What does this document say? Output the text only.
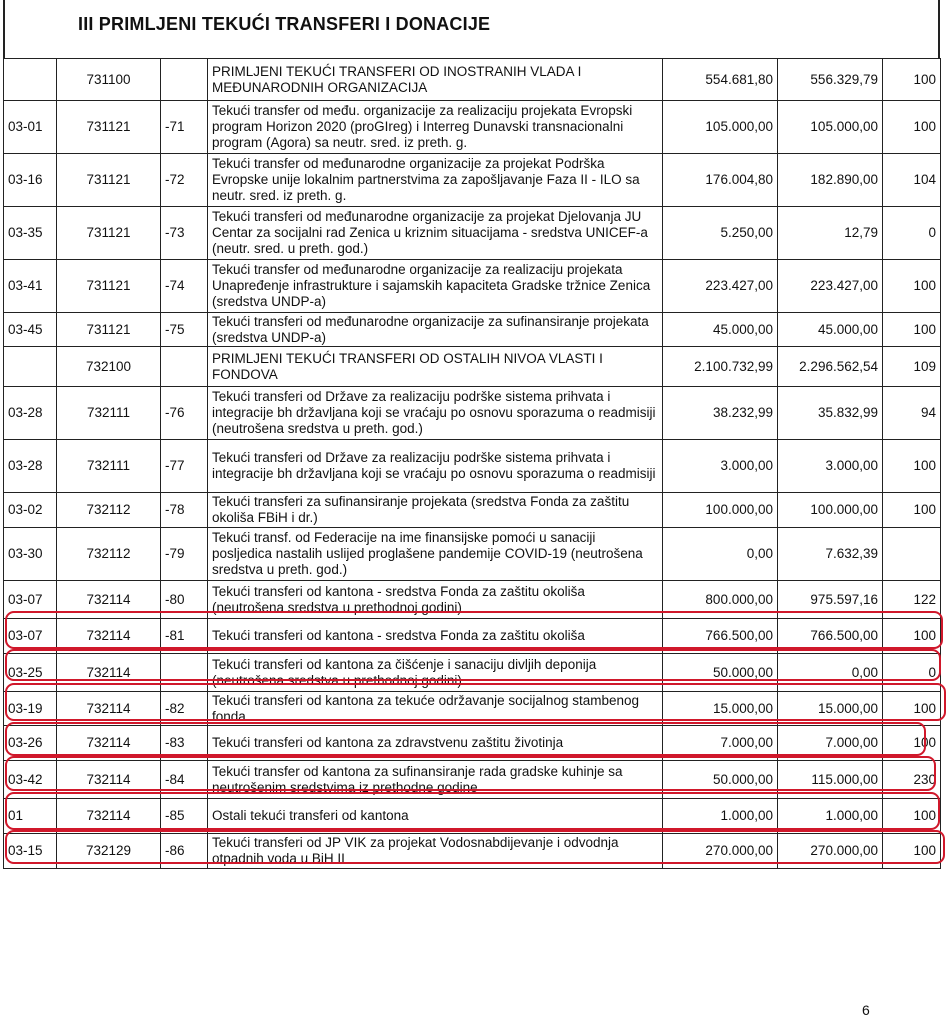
III PRIMLJENI TEKUĆI TRANSFERI I DONACIJE
	731100		PRIMLJENI TEKUĆI TRANSFERI OD INOSTRANIH VLADA I MEĐUNARODNIH ORGANIZACIJA	554.681,80	556.329,79	100
03-01	731121	-71	Tekući transfer od među. organizacije za realizaciju projekata Evropski program Horizon 2020 (proGIreg) i Interreg Dunavski transnacionalni program (Agora) sa neutr. sred. iz preth. g.	105.000,00	105.000,00	100
03-16	731121	-72	Tekući transfer od međunarodne organizacije za projekat Podrška Evropske unije lokalnim partnerstvima za zapošljavanje Faza II - ILO sa neutr. sred. iz preth. g.	176.004,80	182.890,00	104
03-35	731121	-73	Tekući transferi od međunarodne organizacije za projekat Djelovanja JU Centar za socijalni rad Zenica u kriznim situacijama - sredstva UNICEF-a (neutr. sred. u preth. god.)	5.250,00	12,79	0
03-41	731121	-74	Tekući transfer od međunarodne organizacije za realizaciju projekata Unapređenje infrastrukture i sajamskih kapaciteta Gradske tržnice Zenica (sredstva UNDP-a)	223.427,00	223.427,00	100
03-45	731121	-75	Tekući transferi od međunarodne organizacije za sufinansiranje projekata (sredstva UNDP-a)	45.000,00	45.000,00	100
	732100		PRIMLJENI TEKUĆI TRANSFERI OD OSTALIH NIVOA VLASTI I FONDOVA	2.100.732,99	2.296.562,54	109
03-28	732111	-76	Tekući transferi od Države za realizaciju podrške sistema prihvata i integracije bh državljana koji se vraćaju po osnovu sporazuma o readmisiji (neutrošena sredstva u preth. god.)	38.232,99	35.832,99	94
03-28	732111	-77	Tekući transferi od Države za realizaciju podrške sistema prihvata i integracije bh državljana koji se vraćaju po osnovu sporazuma o readmisiji	3.000,00	3.000,00	100
03-02	732112	-78	Tekući transferi za sufinansiranje projekata (sredstva Fonda za zaštitu okoliša FBiH i dr.)	100.000,00	100.000,00	100
03-30	732112	-79	Tekući transf. od Federacije na ime finansijske pomoći u sanaciji posljedica nastalih uslijed proglašene pandemije COVID-19 (neutrošena sredstva u preth. god.)	0,00	7.632,39	
03-07	732114	-80	Tekući transferi od kantona - sredstva Fonda za zaštitu okoliša (neutrošena sredstva u prethodnoj godini)	800.000,00	975.597,16	122
03-07	732114	-81	Tekući transferi od kantona - sredstva Fonda za zaštitu okoliša	766.500,00	766.500,00	100
03-25	732114		Tekući transferi od kantona za čišćenje i sanaciju divljih deponija (neutrošena sredstva u prethodnoj godini)	50.000,00	0,00	0
03-19	732114	-82	Tekući transferi od kantona za tekuće održavanje socijalnog stambenog fonda	15.000,00	15.000,00	100
03-26	732114	-83	Tekući transferi od kantona za zdravstvenu zaštitu životinja	7.000,00	7.000,00	100
03-42	732114	-84	Tekući transfer od kantona za sufinansiranje rada gradske kuhinje sa neutrošenim sredstvima iz prethodne godine	50.000,00	115.000,00	230
01	732114	-85	Ostali tekući transferi od kantona	1.000,00	1.000,00	100
03-15	732129	-86	Tekući transferi od JP VIK za projekat Vodosnabdijevanje i odvodnja otpadnih voda u BiH II	270.000,00	270.000,00	100
6
